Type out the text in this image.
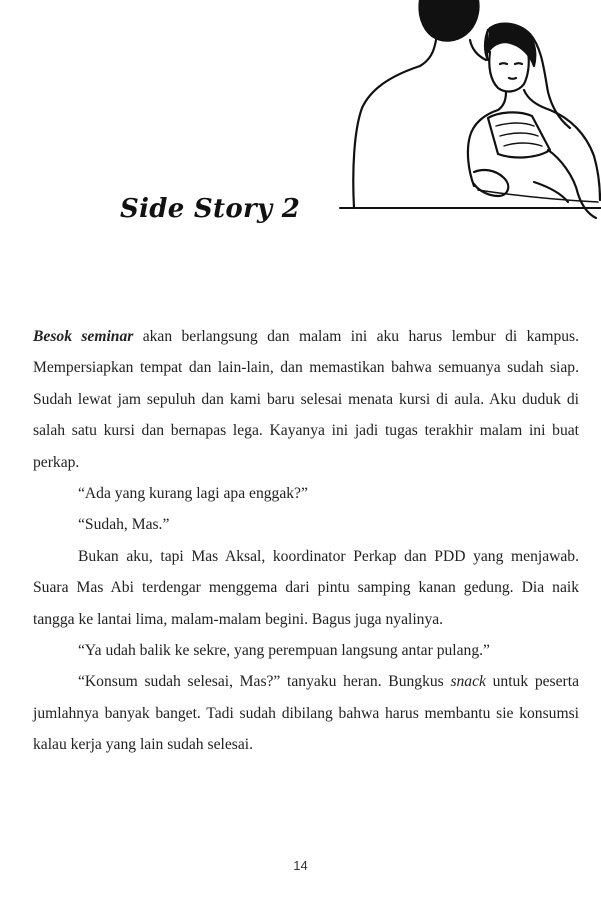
Side Story 2

Besok seminar akan berlangsung dan malam ini aku harus lembur di kampus. Mempersiapkan tempat dan lain-lain, dan memastikan bahwa semuanya sudah siap. Sudah lewat jam sepuluh dan kami baru selesai menata kursi di aula. Aku duduk di salah satu kursi dan bernapas lega. Kayanya ini jadi tugas terakhir malam ini buat perkap.

“Ada yang kurang lagi apa enggak?”

“Sudah, Mas.”

Bukan aku, tapi Mas Aksal, koordinator Perkap dan PDD yang menjawab. Suara Mas Abi terdengar menggema dari pintu samping kanan gedung. Dia naik tangga ke lantai lima, malam-malam begini. Bagus juga nyalinya.

“Ya udah balik ke sekre, yang perempuan langsung antar pulang.”

“Konsum sudah selesai, Mas?” tanyaku heran. Bungkus snack untuk peserta jumlahnya banyak banget. Tadi sudah dibilang bahwa harus membantu sie konsumsi kalau kerja yang lain sudah selesai.

14
